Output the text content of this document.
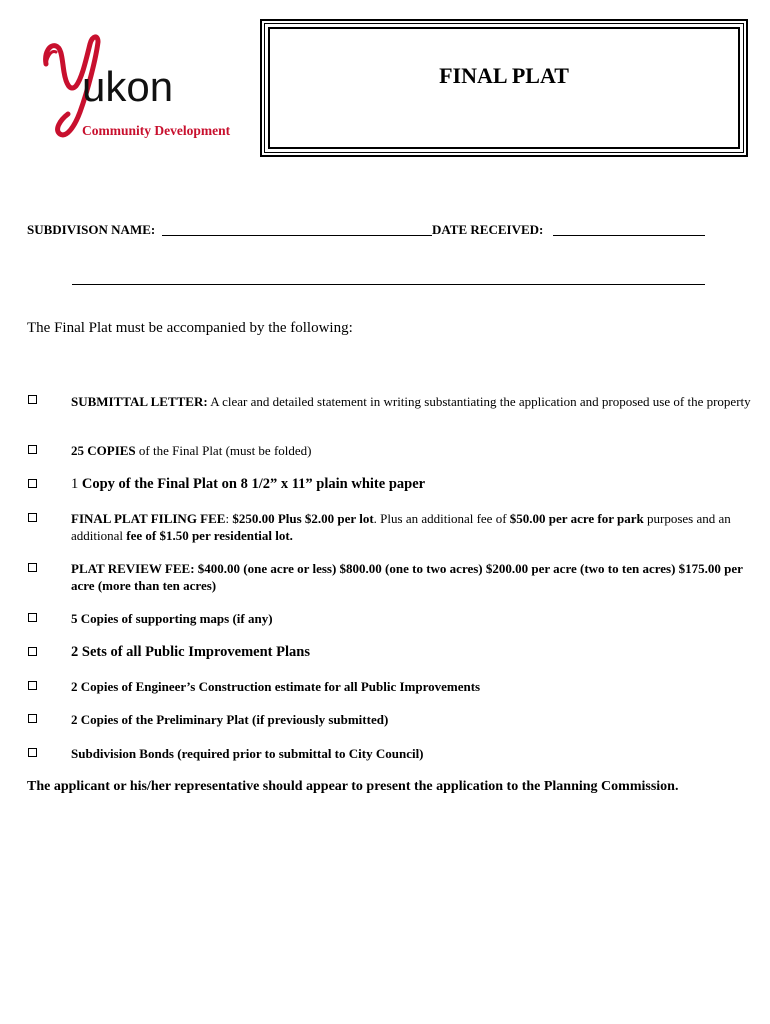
ukon
Community Development
FINAL PLAT
SUBDIVISON NAME:	DATE RECEIVED:
The Final Plat must be accompanied by the following:
SUBMITTAL LETTER: A clear and detailed statement in writing substantiating the application and proposed use of the property
25 COPIES of the Final Plat (must be folded)
1 Copy of the Final Plat on 8 1/2” x 11” plain white paper
FINAL PLAT FILING FEE: $250.00 Plus $2.00 per lot. Plus an additional fee of $50.00 per acre for park purposes and an additional fee of $1.50 per residential lot.
PLAT REVIEW FEE: $400.00 (one acre or less) $800.00 (one to two acres) $200.00 per acre (two to ten acres) $175.00 per acre (more than ten acres)
5 Copies of supporting maps (if any)
2 Sets of all Public Improvement Plans
2 Copies of Engineer’s Construction estimate for all Public Improvements
2 Copies of the Preliminary Plat (if previously submitted)
Subdivision Bonds (required prior to submittal to City Council)
The applicant or his/her representative should appear to present the application to the Planning Commission.
